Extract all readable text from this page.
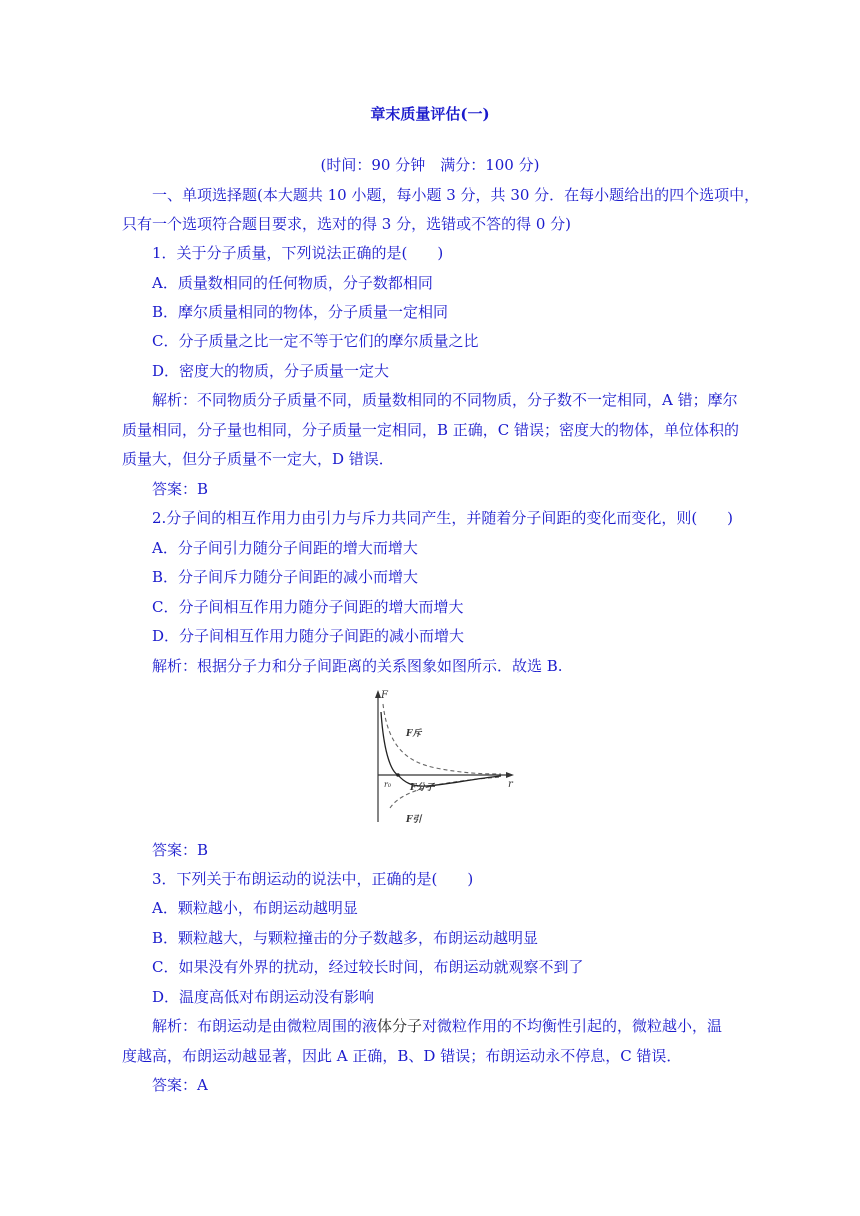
章末质量评估(一)
(时间：90 分钟　满分：100 分)
一、单项选择题(本大题共 10 小题，每小题 3 分，共 30 分．在每小题给出的四个选项中，
只有一个选项符合题目要求，选对的得 3 分，选错或不答的得 0 分)
1．关于分子质量，下列说法正确的是(　　)
A．质量数相同的任何物质，分子数都相同
B．摩尔质量相同的物体，分子质量一定相同
C．分子质量之比一定不等于它们的摩尔质量之比
D．密度大的物质，分子质量一定大
解析：不同物质分子质量不同，质量数相同的不同物质，分子数不一定相同，A 错；摩尔
质量相同，分子量也相同，分子质量一定相同，B 正确，C 错误；密度大的物体，单位体积的
质量大，但分子质量不一定大，D 错误．
答案：B
2.分子间的相互作用力由引力与斥力共同产生，并随着分子间距的变化而变化，则(　　)
A．分子间引力随分子间距的增大而增大
B．分子间斥力随分子间距的减小而增大
C．分子间相互作用力随分子间距的增大而增大
D．分子间相互作用力随分子间距的减小而增大
解析：根据分子力和分子间距离的关系图象如图所示．故选 B.
F
r
r₀
F斥
F分子
F引
答案：B
3．下列关于布朗运动的说法中，正确的是(　　)
A．颗粒越小，布朗运动越明显
B．颗粒越大，与颗粒撞击的分子数越多，布朗运动越明显
C．如果没有外界的扰动，经过较长时间，布朗运动就观察不到了
D．温度高低对布朗运动没有影响
解析：布朗运动是由微粒周围的液体分子对微粒作用的不均衡性引起的，微粒越小，温
度越高，布朗运动越显著，因此 A 正确，B、D 错误；布朗运动永不停息，C 错误．
答案：A
